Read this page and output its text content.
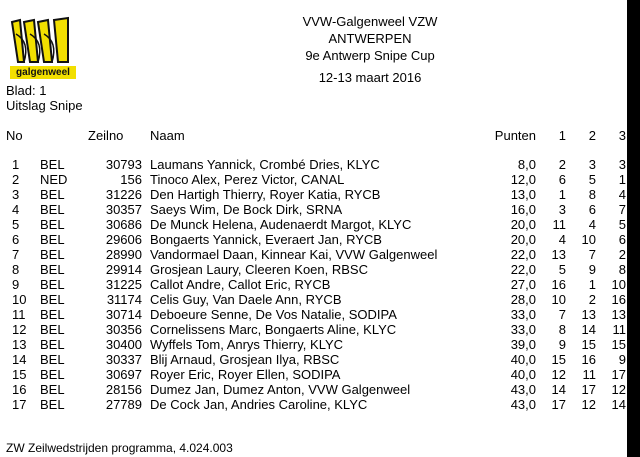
galgenweel
VVW-Galgenweel VZW
ANTWERPEN
9e Antwerp Snipe Cup
12-13 maart 2016
Blad: 1
Uitslag Snipe
No		Zeilno	Naam	Punten	1	2	3

1	BEL	30793	Laumans Yannick, Crombé Dries, KLYC	8,0	2	3	3
2	NED	156	Tinoco Alex, Perez Victor, CANAL	12,0	6	5	1
3	BEL	31226	Den Hartigh Thierry, Royer Katia, RYCB	13,0	1	8	4
4	BEL	30357	Saeys Wim, De Bock Dirk, SRNA	16,0	3	6	7
5	BEL	30686	De Munck Helena, Audenaerdt Margot, KLYC	20,0	11	4	5
6	BEL	29606	Bongaerts Yannick, Everaert Jan, RYCB	20,0	4	10	6
7	BEL	28990	Vandormael Daan, Kinnear Kai, VVW Galgenweel	22,0	13	7	2
8	BEL	29914	Grosjean Laury, Cleeren Koen, RBSC	22,0	5	9	8
9	BEL	31225	Callot Andre, Callot Eric, RYCB	27,0	16	1	10
10	BEL	31174	Celis Guy, Van Daele Ann, RYCB	28,0	10	2	16
11	BEL	30714	Deboeure Senne, De Vos Natalie, SODIPA	33,0	7	13	13
12	BEL	30356	Cornelissens Marc, Bongaerts Aline, KLYC	33,0	8	14	11
13	BEL	30400	Wyffels Tom, Anrys Thierry, KLYC	39,0	9	15	15
14	BEL	30337	Blij Arnaud, Grosjean Ilya, RBSC	40,0	15	16	9
15	BEL	30697	Royer Eric, Royer Ellen, SODIPA	40,0	12	11	17
16	BEL	28156	Dumez Jan, Dumez Anton, VVW Galgenweel	43,0	14	17	12
17	BEL	27789	De Cock Jan, Andries Caroline, KLYC	43,0	17	12	14
ZW Zeilwedstrijden programma, 4.024.003
